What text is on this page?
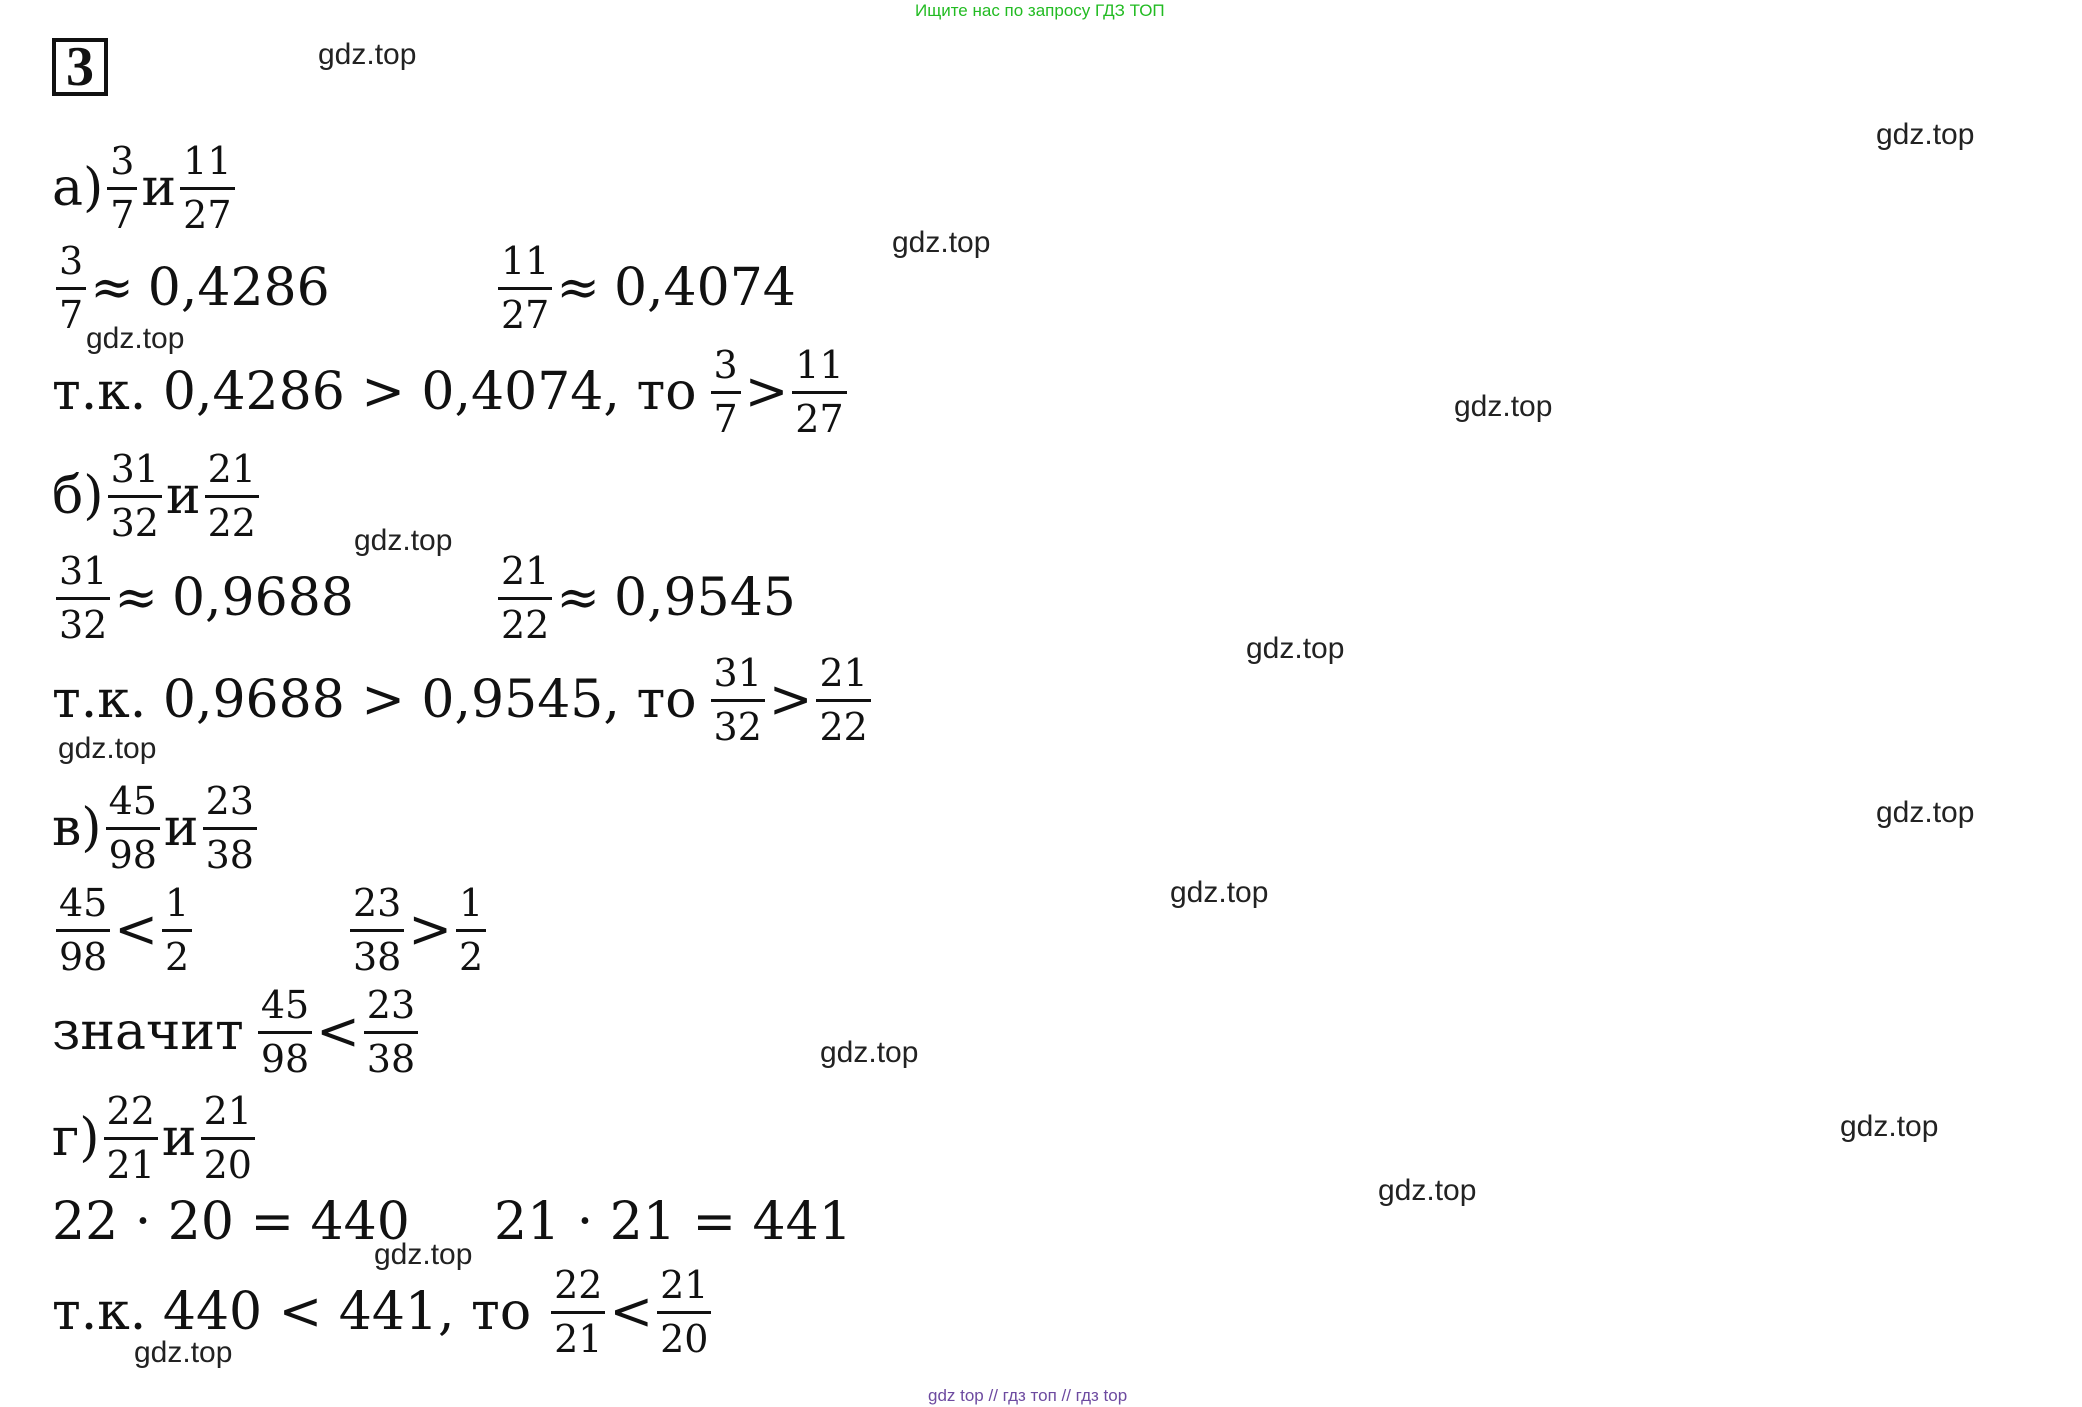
Ищите нас по запросу ГДЗ ТОП
3
$а) \frac{3}{7}$ и $\frac{11}{27}$
$\frac{3}{7} \approx 0,4286$	$\frac{11}{27} \approx 0,4074$
т.к. 0,4286 > 0,4074, то $\frac{3}{7} > \frac{11}{27}$
$б) \frac{31}{32}$ и $\frac{21}{22}$
$\frac{31}{32} \approx 0,9688$	$\frac{21}{22} \approx 0,9545$
т.к. 0,9688 > 0,9545, то $\frac{31}{32} > \frac{21}{22}$
$в) \frac{45}{98}$ и $\frac{23}{38}$
$\frac{45}{98} < \frac{1}{2}$	$\frac{23}{38} > \frac{1}{2}$
значит $\frac{45}{98} < \frac{23}{38}$
$г) \frac{22}{21}$ и $\frac{21}{20}$
22 · 20 = 440 21 · 21 = 441
т.к. 440 < 441, то $\frac{22}{21} < \frac{21}{20}$
gdz.top
gdz.top
gdz.top
gdz.top
gdz.top
gdz.top
gdz.top
gdz.top
gdz.top
gdz.top
gdz.top
gdz.top
gdz.top
gdz.top
gdz.top
gdz top // гдз топ // гдз top
